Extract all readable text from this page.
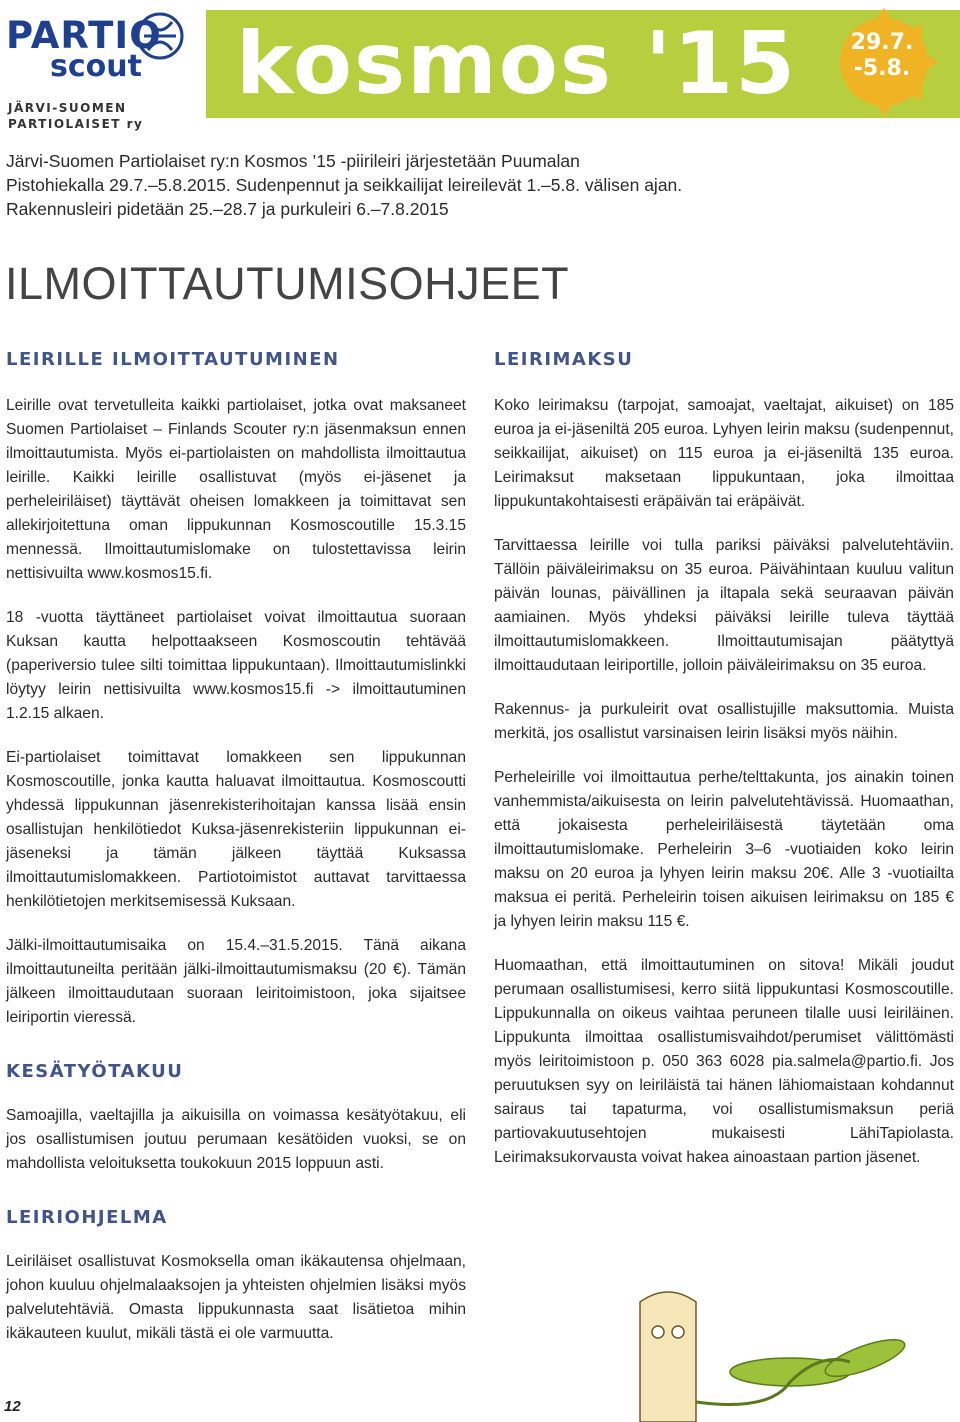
PARTIO
scout
JÄRVI-SUOMEN
PARTIOLAISET ry
kosmos '15	29.7.
-5.8.
Järvi-Suomen Partiolaiset ry:n Kosmos ’15 -piirileiri järjestetään Puumalan
Pistohiekalla 29.7.–5.8.2015. Sudenpennut ja seikkailijat leireilevät 1.–5.8. välisen ajan.
Rakennusleiri pidetään 25.–28.7 ja purkuleiri 6.–7.8.2015
ILMOITTAUTUMISOHJEET
LEIRILLE ILMOITTAUTUMINEN

Leirille ovat tervetulleita kaikki partiolaiset, jotka ovat maksaneet Suomen Partiolaiset – Finlands Scouter ry:n jäsenmaksun ennen ilmoittautumista. Myös ei-partiolaisten on mahdollista ilmoittautua leirille. Kaikki leirille osallistuvat (myös ei-jäsenet ja perheleiriläiset) täyttävät oheisen lomakkeen ja toimittavat sen allekirjoitettuna oman lippukunnan Kosmoscoutille 15.3.15 mennessä. Ilmoittautumislomake on tulostettavissa leirin nettisivuilta www.kosmos15.fi.

18 -vuotta täyttäneet partiolaiset voivat ilmoittautua suoraan Kuksan kautta helpottaakseen Kosmoscoutin tehtävää (paperiversio tulee silti toimittaa lippukuntaan). Ilmoittautumislinkki löytyy leirin nettisivuilta www.kosmos15.fi -> ilmoittautuminen 1.2.15 alkaen.

Ei-partiolaiset toimittavat lomakkeen sen lippukunnan Kosmoscoutille, jonka kautta haluavat ilmoittautua. Kosmoscoutti yhdessä lippukunnan jäsenrekisterihoitajan kanssa lisää ensin osallistujan henkilötiedot Kuksa-jäsenrekisteriin lippukunnan ei-jäseneksi ja tämän jälkeen täyttää Kuksassa ilmoittautumislomakkeen. Partiotoimistot auttavat tarvittaessa henkilötietojen merkitsemisessä Kuksaan.

Jälki-ilmoittautumisaika on 15.4.–31.5.2015. Tänä aikana ilmoittautuneilta peritään jälki-ilmoittautumismaksu (20 €). Tämän jälkeen ilmoittaudutaan suoraan leiritoimistoon, joka sijaitsee leiriportin vieressä.

KESÄTYÖTAKUU

Samoajilla, vaeltajilla ja aikuisilla on voimassa kesätyötakuu, eli jos osallistumisen joutuu perumaan kesätöiden vuoksi, se on mahdollista veloituksetta toukokuun 2015 loppuun asti.

LEIRIOHJELMA

Leiriläiset osallistuvat Kosmoksella oman ikäkautensa ohjelmaan, johon kuuluu ohjelmalaaksojen ja yhteisten ohjelmien lisäksi myös palvelutehtäviä. Omasta lippukunnasta saat lisätietoa mihin ikäkauteen kuulut, mikäli tästä ei ole varmuutta.

LEIRIMAKSU

Koko leirimaksu (tarpojat, samoajat, vaeltajat, aikuiset) on 185 euroa ja ei-jäseniltä 205 euroa. Lyhyen leirin maksu (sudenpennut, seikkailijat, aikuiset) on 115 euroa ja ei-jäseniltä 135 euroa. Leirimaksut maksetaan lippukuntaan, joka ilmoittaa lippukuntakohtaisesti eräpäivän tai eräpäivät.

Tarvittaessa leirille voi tulla pariksi päiväksi palvelutehtäviin. Tällöin päiväleirimaksu on 35 euroa. Päivähintaan kuuluu valitun päivän lounas, päivällinen ja iltapala sekä seuraavan päivän aamiainen. Myös yhdeksi päiväksi leirille tuleva täyttää ilmoittautumislomakkeen. Ilmoittautumisajan päätyttyä ilmoittaudutaan leiriportille, jolloin päiväleirimaksu on 35 euroa.

Rakennus- ja purkuleirit ovat osallistujille maksuttomia. Muista merkitä, jos osallistut varsinaisen leirin lisäksi myös näihin.

Perheleirille voi ilmoittautua perhe/telttakunta, jos ainakin toinen vanhemmista/aikuisesta on leirin palvelutehtävissä. Huomaathan, että jokaisesta perheleiriläisestä täytetään oma ilmoittautumislomake. Perheleirin 3–6 -vuotiaiden koko leirin maksu on 20 euroa ja lyhyen leirin maksu 20€. Alle 3 -vuotiailta maksua ei peritä. Perheleirin toisen aikuisen leirimaksu on 185 € ja lyhyen leirin maksu 115 €.

Huomaathan, että ilmoittautuminen on sitova! Mikäli joudut perumaan osallistumisesi, kerro siitä lippukuntasi Kosmoscoutille. Lippukunnalla on oikeus vaihtaa peruneen tilalle uusi leiriläinen. Lippukunta ilmoittaa osallistumisvaihdot/perumiset välittömästi myös leiritoimistoon p. 050 363 6028 pia.salmela@partio.fi. Jos peruutuksen syy on leiriläistä tai hänen lähiomaistaan kohdannut sairaus tai tapaturma, voi osallistumismaksun periä partiovakuutusehtojen mukaisesti LähiTapiolasta. Leirimaksukorvausta voivat hakea ainoastaan partion jäsenet.

12
